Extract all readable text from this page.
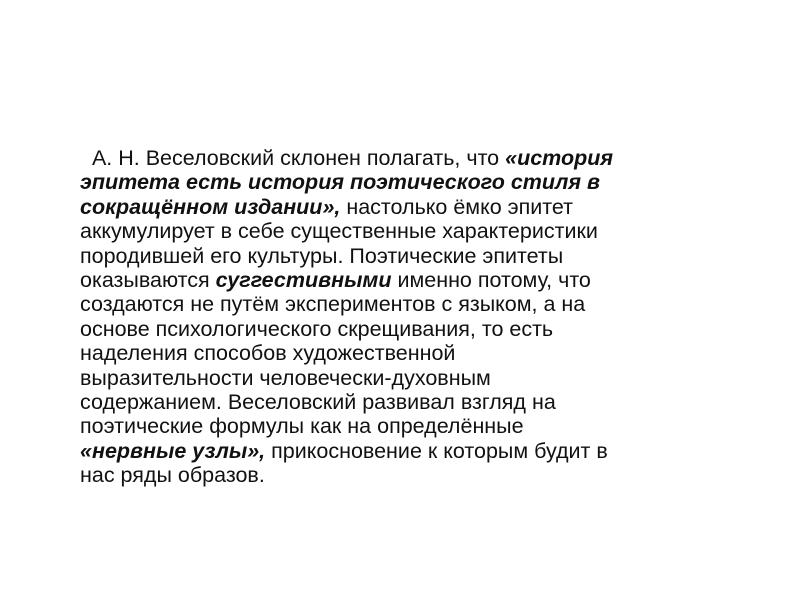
А. Н. Веселовский склонен полагать, что «история
эпитета есть история поэтического стиля в
сокращённом издании», настолько ёмко эпитет
аккумулирует в себе существенные характеристики
породившей его культуры. Поэтические эпитеты
оказываются суггестивными именно потому, что
создаются не путём экспериментов с языком, а на
основе психологического скрещивания, то есть
наделения способов художественной
выразительности человечески-духовным
содержанием. Веселовский развивал взгляд на
поэтические формулы как на определённые
«нервные узлы», прикосновение к которым будит в
нас ряды образов.
